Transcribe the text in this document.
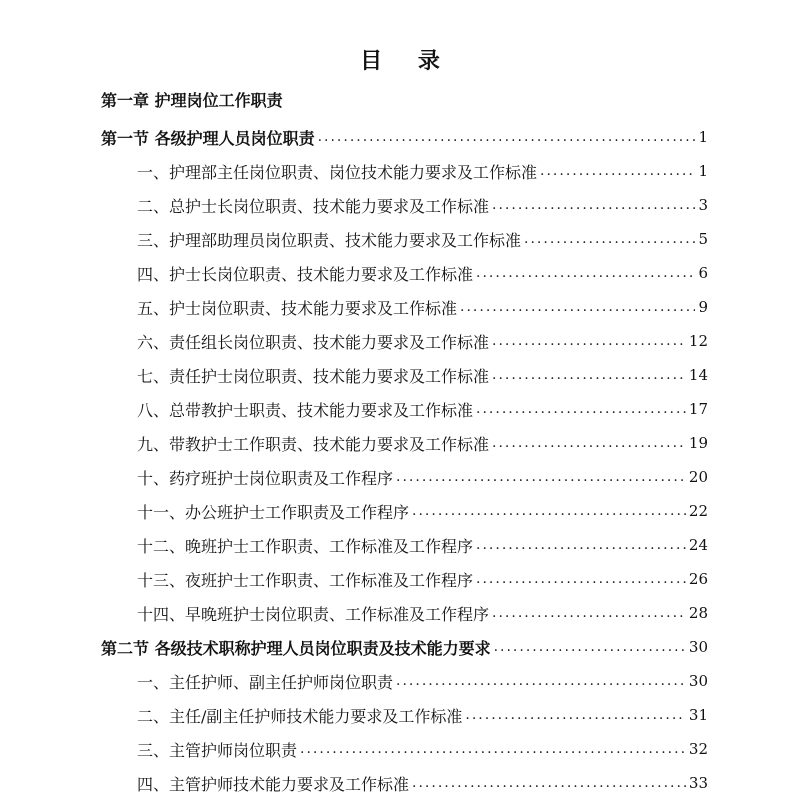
目 录
第一章 护理岗位工作职责
第一节 各级护理人员岗位职责 .....	1
一、护理部主任岗位职责、岗位技术能力要求及工作标准 .....	1
二、总护士长岗位职责、技术能力要求及工作标准 .....	3
三、护理部助理员岗位职责、技术能力要求及工作标准 .....	5
四、护士长岗位职责、技术能力要求及工作标准 .....	6
五、护士岗位职责、技术能力要求及工作标准 .....	9
六、责任组长岗位职责、技术能力要求及工作标准 .....	12
七、责任护士岗位职责、技术能力要求及工作标准 .....	14
八、总带教护士职责、技术能力要求及工作标准 .....	17
九、带教护士工作职责、技术能力要求及工作标准 .....	19
十、药疗班护士岗位职责及工作程序 .....	20
十一、办公班护士工作职责及工作程序 .....	22
十二、晚班护士工作职责、工作标准及工作程序 .....	24
十三、夜班护士工作职责、工作标准及工作程序 .....	26
十四、早晚班护士岗位职责、工作标准及工作程序 .....	28
第二节 各级技术职称护理人员岗位职责及技术能力要求 .....	30
一、主任护师、副主任护师岗位职责 .....	30
二、主任/副主任护师技术能力要求及工作标准 .....	31
三、主管护师岗位职责 .....	32
四、主管护师技术能力要求及工作标准 .....	33
